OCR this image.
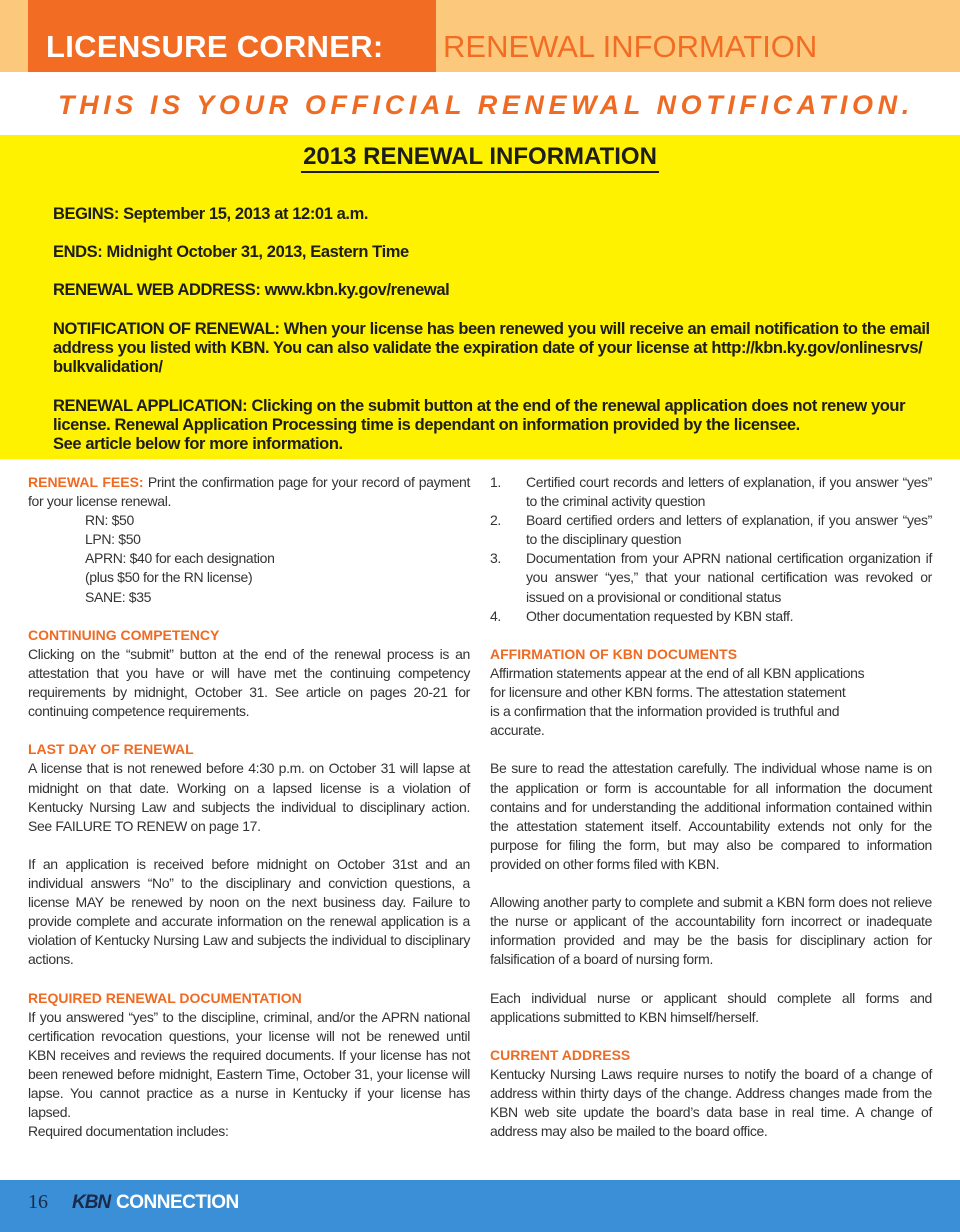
LICENSURE CORNER: RENEWAL INFORMATION
THIS IS YOUR OFFICIAL RENEWAL NOTIFICATION.
2013 RENEWAL INFORMATION
BEGINS: September 15, 2013 at 12:01 a.m.
ENDS: Midnight October 31, 2013, Eastern Time
RENEWAL WEB ADDRESS: www.kbn.ky.gov/renewal
NOTIFICATION OF RENEWAL: When your license has been renewed you will receive an email notification to the email
address you listed with KBN. You can also validate the expiration date of your license at http://kbn.ky.gov/onlinesrvs/
bulkvalidation/
RENEWAL APPLICATION: Clicking on the submit button at the end of the renewal application does not renew your
license. Renewal Application Processing time is dependant on information provided by the licensee.
See article below for more information.

RENEWAL FEES: Print the confirmation page for your record of payment for your license renewal.

RN: $50

LPN: $50

APRN: $40 for each designation

(plus $50 for the RN license)

SANE: $35

CONTINUING COMPETENCY

Clicking on the “submit” button at the end of the renewal process is an attestation that you have or will have met the continuing competency requirements by midnight, October 31. See article on pages 20-21 for continuing competence requirements.

LAST DAY OF RENEWAL

A license that is not renewed before 4:30 p.m. on October 31 will lapse at midnight on that date. Working on a lapsed license is a violation of Kentucky Nursing Law and subjects the individual to disciplinary action. See FAILURE TO RENEW on page 17.

If an application is received before midnight on October 31st and an individual answers “No” to the disciplinary and conviction questions, a license MAY be renewed by noon on the next business day. Failure to provide complete and accurate information on the renewal application is a violation of Kentucky Nursing Law and subjects the individual to disciplinary actions.

REQUIRED RENEWAL DOCUMENTATION

If you answered “yes” to the discipline, criminal, and/or the APRN national certification revocation questions, your license will not be renewed until KBN receives and reviews the required documents. If your license has not been renewed before midnight, Eastern Time, October 31, your license will lapse. You cannot practice as a nurse in Kentucky if your license has lapsed.

Required documentation includes:

1.	Certified court records and letters of explanation, if you answer “yes” to the criminal activity question
2.	Board certified orders and letters of explanation, if you answer “yes” to the disciplinary question
3.	Documentation from your APRN national certification organization if you answer “yes,” that your national certification was revoked or issued on a provisional or conditional status
4.	Other documentation requested by KBN staff.

AFFIRMATION OF KBN DOCUMENTS

Affirmation statements appear at the end of all KBN applications

for licensure and other KBN forms. The attestation statement

is a confirmation that the information provided is truthful and

accurate.

Be sure to read the attestation carefully. The individual whose name is on the application or form is accountable for all information the document contains and for understanding the additional information contained within the attestation statement itself. Accountability extends not only for the purpose for filing the form, but may also be compared to information provided on other forms filed with KBN.

Allowing another party to complete and submit a KBN form does not relieve the nurse or applicant of the accountability forn incorrect or inadequate information provided and may be the basis for disciplinary action for falsification of a board of nursing form.

Each individual nurse or applicant should complete all forms and applications submitted to KBN himself/herself.

CURRENT ADDRESS

Kentucky Nursing Laws require nurses to notify the board of a change of address within thirty days of the change. Address changes made from the KBN web site update the board’s data base in real time. A change of address may also be mailed to the board office.

16 KBN CONNECTION
